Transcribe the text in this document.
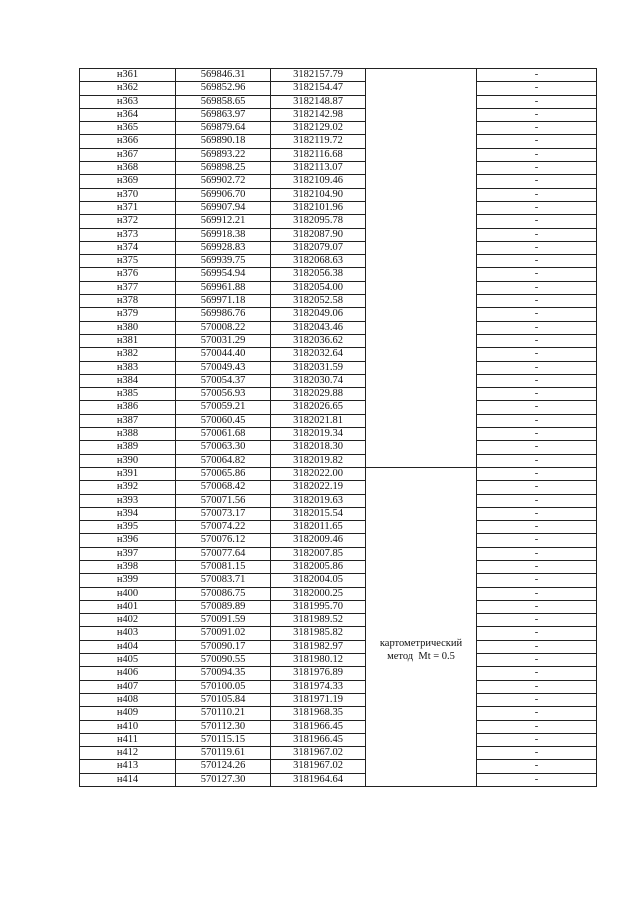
н361	569846.31	3182157.79		-
н362	569852.96	3182154.47		-
н363	569858.65	3182148.87		-
н364	569863.97	3182142.98		-
н365	569879.64	3182129.02		-
н366	569890.18	3182119.72		-
н367	569893.22	3182116.68		-
н368	569898.25	3182113.07		-
н369	569902.72	3182109.46		-
н370	569906.70	3182104.90		-
н371	569907.94	3182101.96		-
н372	569912.21	3182095.78		-
н373	569918.38	3182087.90		-
н374	569928.83	3182079.07		-
н375	569939.75	3182068.63		-
н376	569954.94	3182056.38		-
н377	569961.88	3182054.00		-
н378	569971.18	3182052.58		-
н379	569986.76	3182049.06		-
н380	570008.22	3182043.46		-
н381	570031.29	3182036.62		-
н382	570044.40	3182032.64		-
н383	570049.43	3182031.59		-
н384	570054.37	3182030.74		-
н385	570056.93	3182029.88		-
н386	570059.21	3182026.65		-
н387	570060.45	3182021.81		-
н388	570061.68	3182019.34		-
н389	570063.30	3182018.30		-
н390	570064.82	3182019.82		-
н391	570065.86	3182022.00	картометрический
метод  Mt = 0.5	-
н392	570068.42	3182022.19		-
н393	570071.56	3182019.63		-
н394	570073.17	3182015.54		-
н395	570074.22	3182011.65		-
н396	570076.12	3182009.46		-
н397	570077.64	3182007.85		-
н398	570081.15	3182005.86		-
н399	570083.71	3182004.05		-
н400	570086.75	3182000.25		-
н401	570089.89	3181995.70		-
н402	570091.59	3181989.52		-
н403	570091.02	3181985.82		-
н404	570090.17	3181982.97		-
н405	570090.55	3181980.12		-
н406	570094.35	3181976.89		-
н407	570100.05	3181974.33		-
н408	570105.84	3181971.19		-
н409	570110.21	3181968.35		-
н410	570112.30	3181966.45		-
н411	570115.15	3181966.45		-
н412	570119.61	3181967.02		-
н413	570124.26	3181967.02		-
н414	570127.30	3181964.64		-
